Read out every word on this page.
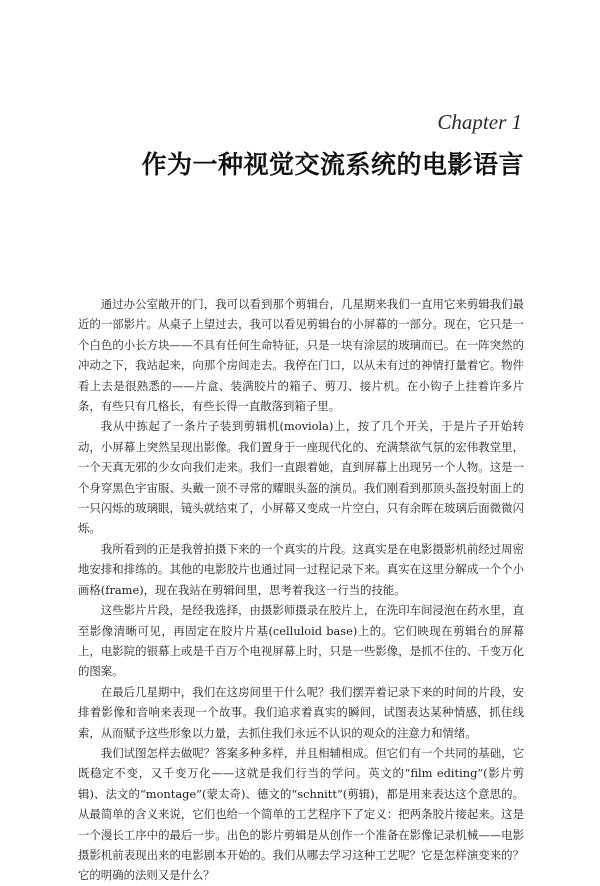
Chapter 1

作为一种视觉交流系统的电影语言

通过办公室敞开的门，我可以看到那个剪辑台，几星期来我们一直用它来剪辑我们最近的一部影片。从桌子上望过去，我可以看见剪辑台的小屏幕的一部分。现在，它只是一个白色的小长方块——不具有任何生命特征，只是一块有涂层的玻璃而已。在一阵突然的冲动之下，我站起来，向那个房间走去。我停在门口，以从未有过的神情打量着它。物件看上去是很熟悉的——片盒、装满胶片的箱子、剪刀、接片机。在小钩子上挂着许多片条，有些只有几格长，有些长得一直散落到箱子里。

我从中拣起了一条片子装到剪辑机(moviola)上，按了几个开关，于是片子开始转动，小屏幕上突然呈现出影像。我们置身于一座现代化的、充满禁欲气氛的宏伟教堂里，一个天真无邪的少女向我们走来。我们一直跟着她，直到屏幕上出现另一个人物。这是一个身穿黑色宇宙服、头戴一顶不寻常的耀眼头盔的演员。我们刚看到那顶头盔投射面上的一只闪烁的玻璃眼，镜头就结束了，小屏幕又变成一片空白，只有余晖在玻璃后面微微闪烁。

我所看到的正是我曾拍摄下来的一个真实的片段。这真实是在电影摄影机前经过周密地安排和排练的。其他的电影胶片也通过同一过程记录下来。真实在这里分解成一个个小画格(frame)，现在我站在剪辑间里，思考着我这一行当的技能。

这些影片片段，是经我选择，由摄影师摄录在胶片上，在洗印车间浸泡在药水里，直至影像清晰可见，再固定在胶片片基(celluloid base)上的。它们映现在剪辑台的屏幕上，电影院的银幕上或是千百万个电视屏幕上时，只是一些影像，是抓不住的、千变万化的图案。

在最后几星期中，我们在这房间里干什么呢？我们摆弄着记录下来的时间的片段，安排着影像和音响来表现一个故事。我们追求着真实的瞬间，试图表达某种情感，抓住线索，从而赋予这些形象以力量，去抓住我们永远不认识的观众的注意力和情绪。

我们试图怎样去做呢？答案多种多样，并且相辅相成。但它们有一个共同的基础，它既稳定不变，又千变万化——这就是我们行当的学问。英文的“film editing”(影片剪辑)、法文的“montage”(蒙太奇)、德文的“schnitt”(剪辑)，都是用来表达这个意思的。从最简单的含义来说，它们也给一个简单的工艺程序下了定义：把两条胶片接起来。这是一个漫长工序中的最后一步。出色的影片剪辑是从创作一个准备在影像记录机械——电影摄影机前表现出来的电影剧本开始的。我们从哪去学习这种工艺呢？它是怎样演变来的？它的明确的法则又是什么？
